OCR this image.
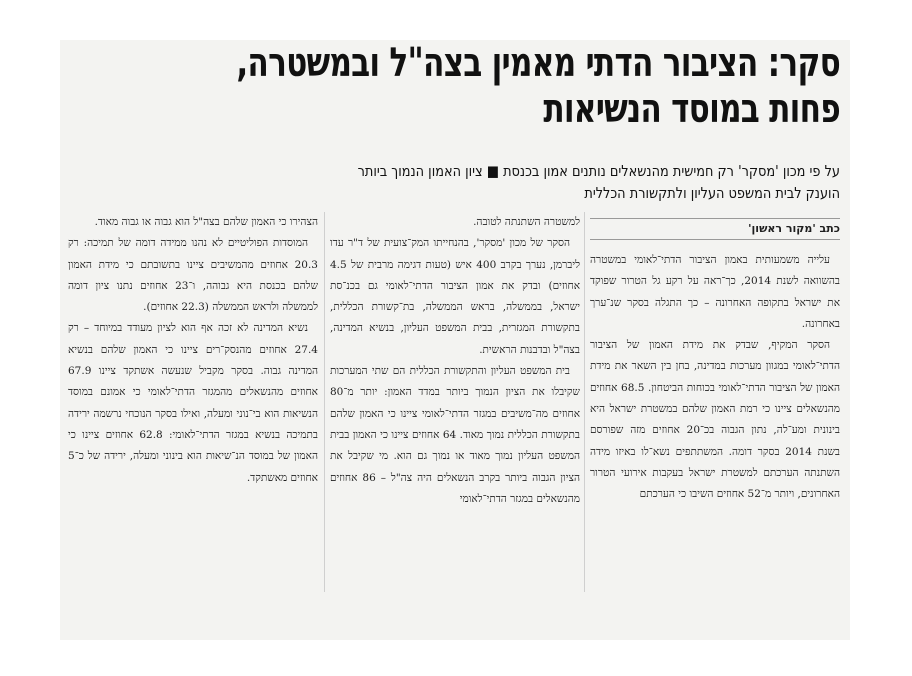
סקר: הציבור הדתי מאמין בצה"ל ובמשטרה,
פחות במוסד הנשיאות
על פי מכון 'מסקר' רק חמישית מהנשאלים נותנים אמון בכנסת ■ ציון האמון הנמוך ביותר
הוענק לבית המשפט העליון ולתקשורת הכללית
כתב 'מקור ראשון'

עלייה משמעותית באמון הציבור הדתי־לאומי במשטרה בהשוואה לשנת 2014, כך־ראה על רקע גל הטרור שפוקד את ישראל בתקופה האחרונה – כך התגלה בסקר שנ־ערך באחרונה.

הסקר המקיף, שבדק את מידת האמון של הציבור הדתי־לאומי במגוון מערכות במדינה, בחן בין השאר את מידת האמון של הציבור הדתי־לאומי בכוחות הביטחון. 68.5 אחוזים מהנשאלים ציינו כי רמת האמון שלהם במשטרת ישראל היא בינונית ומע־לה, נתון הגבוה בכ־20 אחוזים מזה שפורסם בשנת 2014 בסקר דומה. המשתתפים נשא־לו באיזו מידה השתנתה הערכתם למשטרת ישראל בעקבות אירועי הטרור האחרונים, ויותר מ־52 אחוזים השיבו כי הערכתם

למשטרה השתנתה לטובה.

הסקר של מכון 'מסקר', בהנחייתו המק־צועית של ד"ר עדו ליברמן, נערך בקרב 400 איש (טעות דגימה מרבית של 4.5 אחוזים) ובדק את אמון הציבור הדתי־לאומי גם בכנ־סת ישראל, בממשלה, בראש הממשלה, בת־קשורת הכללית, בתקשורת המגזרית, בבית המשפט העליון, בנשיא המדינה, בצה"ל ובדבנות הראשית.

בית המשפט העליון והתקשורת הכללית הם שתי המערכות שקיבלו את הציון הנמוך ביותר במדד האמון: יותר מ־80 אחוזים מה־משיבים במגזר הדתי־לאומי ציינו כי האמון שלהם בתקשורת הכללית נמוך מאוד. 64 אחוזים ציינו כי האמון בבית המשפט העליון נמוך מאוד או נמוך גם הוא. מי שקיבל את הציון הגבוה ביותר בקרב הנשאלים היה צה"ל – 86 אחוזים מהנשאלים במגזר הדתי־לאומי

הצהירו כי האמון שלהם בצה"ל הוא גבוה או גבוה מאוד.

המוסדות הפוליטיים לא נהנו ממידה דומה של תמיכה: רק 20.3 אחוזים מהמשיבים ציינו בתשובתם כי מידת האמון שלהם בכנסת היא גבוהה, ו־23 אחוזים נתנו ציון דומה לממשלה ולראש הממשלה (22.3 אחוזים).

נשיא המדינה לא זכה אף הוא לציון מעודד במיוחד – רק 27.4 אחוזים מהנסק־רים ציינו כי האמון שלהם בנשיא המדינה גבוה. בסקר מקביל שנעשה אשתקד ציינו 67.9 אחוזים מהנשאלים מהמגזר הדתי־לאומי כי אמונם במוסד הנשיאות הוא בי־נוני ומעלה, ואילו בסקר הנוכחי נרשמה ירידה בתמיכה בנשיא במגזר הדתי־לאומי: 62.8 אחוזים ציינו כי האמון של במוסד הנ־שיאות הוא בינוני ומעלה, ירידה של כ־5 אחוזים מאשתקד.
